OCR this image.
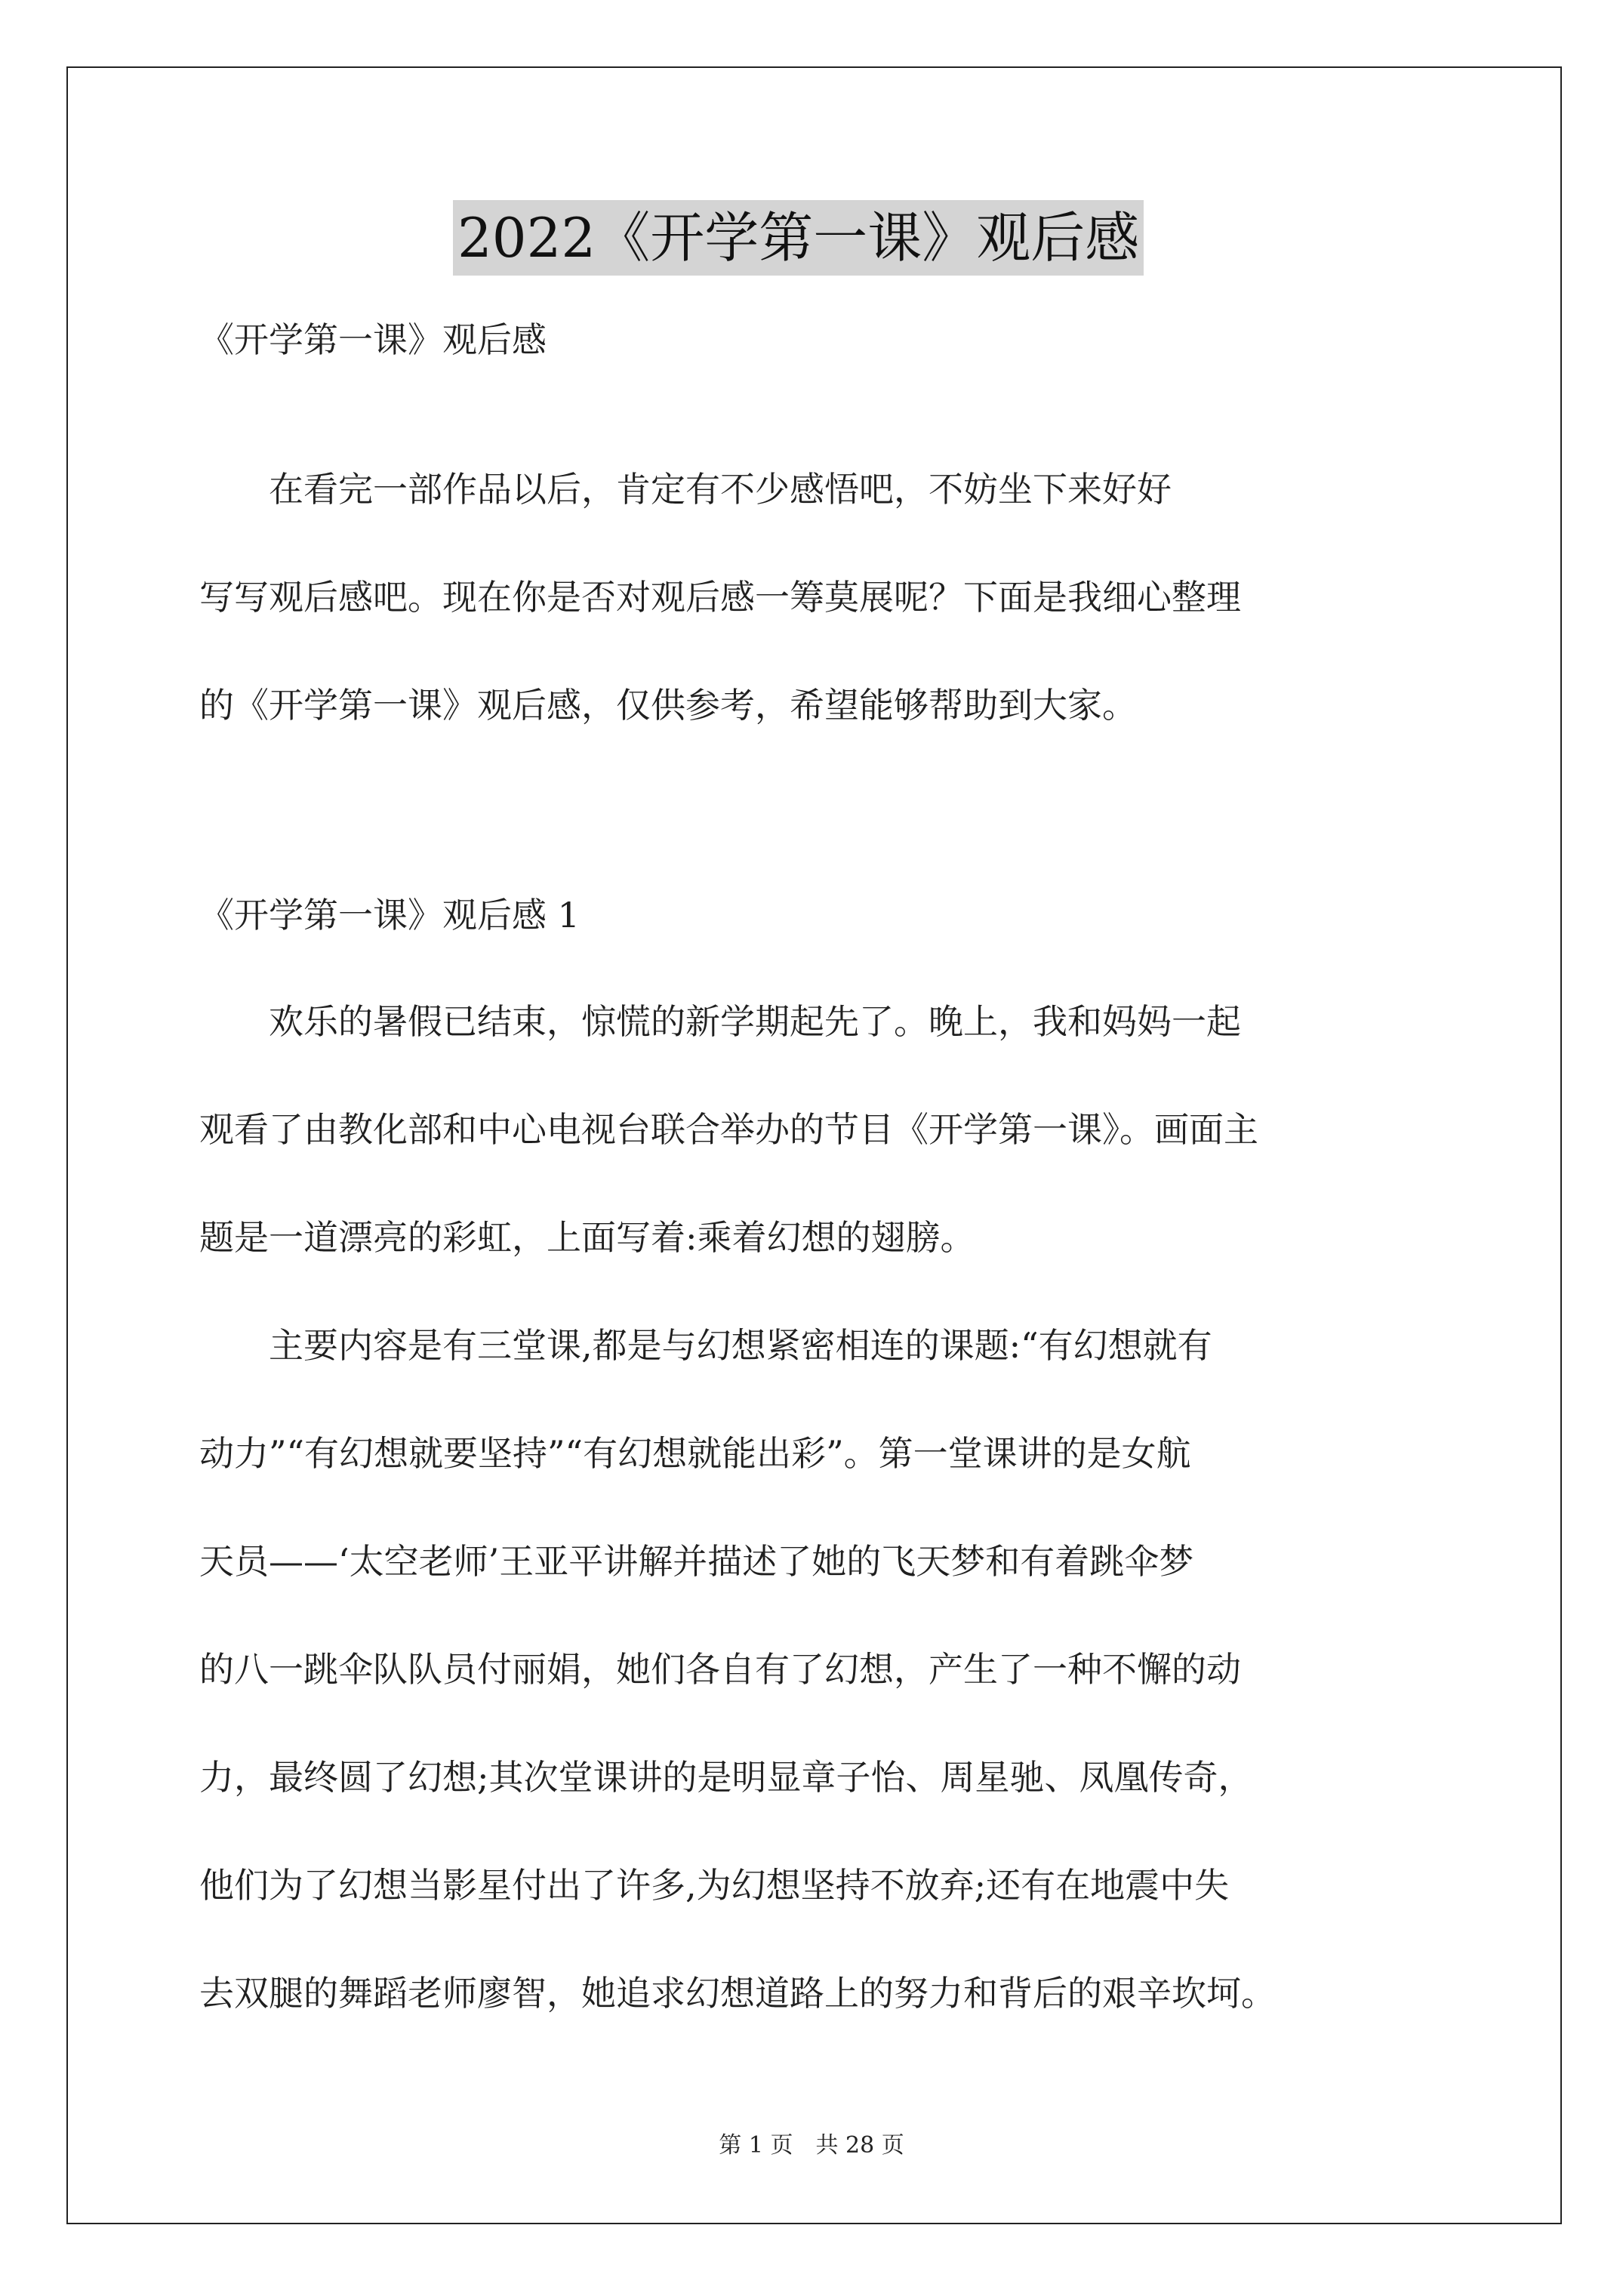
2022《开学第一课》观后感
《开学第一课》观后感
　　在看完一部作品以后，肯定有不少感悟吧，不妨坐下来好好
写写观后感吧。现在你是否对观后感一筹莫展呢？下面是我细心整理
的《开学第一课》观后感，仅供参考，希望能够帮助到大家。
《开学第一课》观后感 1
　　欢乐的暑假已结束，惊慌的新学期起先了。晚上，我和妈妈一起
观看了由教化部和中心电视台联合举办的节目《开学第一课》。画面主
题是一道漂亮的彩虹，上面写着:乘着幻想的翅膀。
　　主要内容是有三堂课,都是与幻想紧密相连的课题:“有幻想就有
动力”“有幻想就要坚持”“有幻想就能出彩”。第一堂课讲的是女航
天员——‘太空老师’王亚平讲解并描述了她的飞天梦和有着跳伞梦
的八一跳伞队队员付丽娟，她们各自有了幻想，产生了一种不懈的动
力，最终圆了幻想;其次堂课讲的是明显章子怡、周星驰、凤凰传奇，
他们为了幻想当影星付出了许多,为幻想坚持不放弃;还有在地震中失
去双腿的舞蹈老师廖智，她追求幻想道路上的努力和背后的艰辛坎坷。
第 1 页　共 28 页
